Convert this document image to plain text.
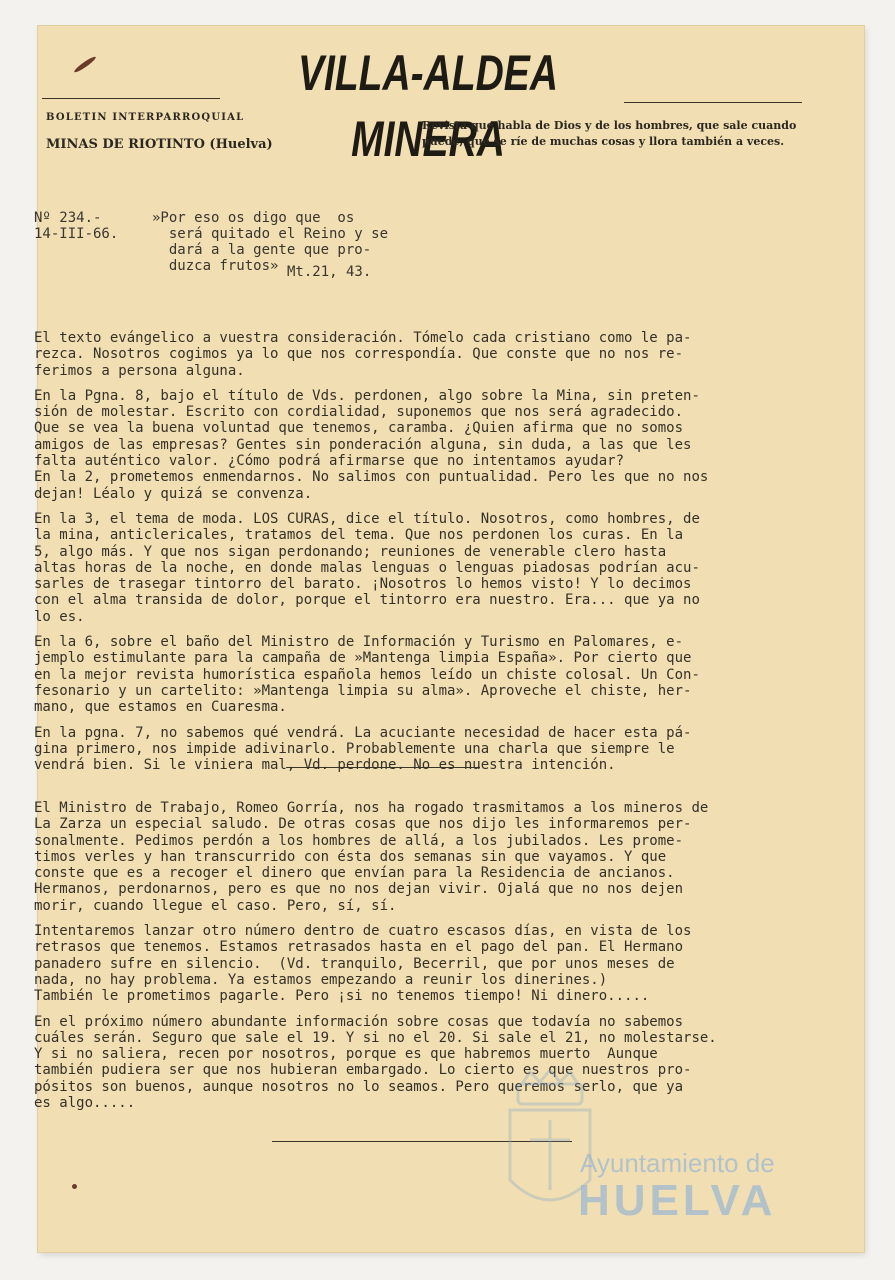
VILLA-ALDEA MINERA
BOLETIN INTERPARROQUIAL
MINAS DE RIOTINTO (Huelva)
Revista que habla de Dios y de los hombres, que sale cuando puede, que se ríe de muchas cosas y llora también a veces.
Nº 234.-
14-III-66.
»Por eso os digo que  os
será quitado el Reino y se
dará a la gente que pro-
duzca frutos» Mt.21, 43.

El texto evángelico a vuestra consideración. Tómelo cada cristiano como le pa-
rezca. Nosotros cogimos ya lo que nos correspondía. Que conste que no nos re-
ferimos a persona alguna.

En la Pgna. 8, bajo el título de Vds. perdonen, algo sobre la Mina, sin preten-
sión de molestar. Escrito con cordialidad, suponemos que nos será agradecido.
Que se vea la buena voluntad que tenemos, caramba. ¿Quien afirma que no somos
amigos de las empresas? Gentes sin ponderación alguna, sin duda, a las que les
falta auténtico valor. ¿Cómo podrá afirmarse que no intentamos ayudar?
En la 2, prometemos enmendarnos. No salimos con puntualidad. Pero les que no nos
dejan! Léalo y quizá se convenza.

En la 3, el tema de moda. LOS CURAS, dice el título. Nosotros, como hombres, de
la mina, anticlericales, tratamos del tema. Que nos perdonen los curas. En la
5, algo más. Y que nos sigan perdonando; reuniones de venerable clero hasta
altas horas de la noche, en donde malas lenguas o lenguas piadosas podrían acu-
sarles de trasegar tintorro del barato. ¡Nosotros lo hemos visto! Y lo decimos
con el alma transida de dolor, porque el tintorro era nuestro. Era... que ya no
lo es.

En la 6, sobre el baño del Ministro de Información y Turismo en Palomares, e-
jemplo estimulante para la campaña de »Mantenga limpia España». Por cierto que
en la mejor revista humorística española hemos leído un chiste colosal. Un Con-
fesonario y un cartelito: »Mantenga limpia su alma». Aproveche el chiste, her-
mano, que estamos en Cuaresma.

En la pgna. 7, no sabemos qué vendrá. La acuciante necesidad de hacer esta pá-
gina primero, nos impide adivinarlo. Probablemente una charla que siempre le
vendrá bien. Si le viniera mal, Vd. perdone. No es nuestra intención.

El Ministro de Trabajo, Romeo Gorría, nos ha rogado trasmitamos a los mineros de
La Zarza un especial saludo. De otras cosas que nos dijo les informaremos per-
sonalmente. Pedimos perdón a los hombres de allá, a los jubilados. Les prome-
timos verles y han transcurrido con ésta dos semanas sin que vayamos. Y que
conste que es a recoger el dinero que envían para la Residencia de ancianos.
Hermanos, perdonarnos, pero es que no nos dejan vivir. Ojalá que no nos dejen
morir, cuando llegue el caso. Pero, sí, sí.

Intentaremos lanzar otro número dentro de cuatro escasos días, en vista de los
retrasos que tenemos. Estamos retrasados hasta en el pago del pan. El Hermano
panadero sufre en silencio.  (Vd. tranquilo, Becerril, que por unos meses de
nada, no hay problema. Ya estamos empezando a reunir los dinerines.)
También le prometimos pagarle. Pero ¡si no tenemos tiempo! Ni dinero.....

En el próximo número abundante información sobre cosas que todavía no sabemos
cuáles serán. Seguro que sale el 19. Y si no el 20. Si sale el 21, no molestarse.
Y si no saliera, recen por nosotros, porque es que habremos muerto  Aunque
también pudiera ser que nos hubieran embargado. Lo cierto es que nuestros pro-
pósitos son buenos, aunque nosotros no lo seamos. Pero queremos serlo, que ya
es algo.....

Ayuntamiento de
HUELVA
